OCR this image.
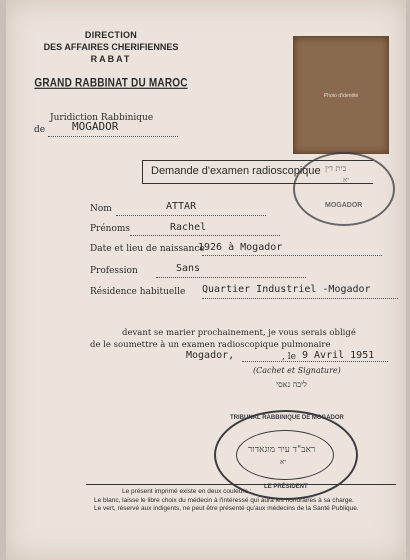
DIRECTION
DES AFFAIRES CHERIFIENNES
RABAT
GRAND RABBINAT DU MAROC
Juridiction Rabbinique
de MOGADOR
Photo d'identité
בית דין
יא
MOGADOR
Demande d'examen radioscopique
Nom	ATTAR
Prénoms	Rachel
Date et lieu de naissance
1926 à Mogador
Profession	Sans
Résidence habituelle Quartier Industriel -Mogador
devant se marier prochainement, je vous serais obligé
de le soumettre à un examen radioscopique pulmonaire
Mogador,	, le 9 Avril 1951
(Cachet et Signature)
ליבה נאסי
TRIBUNAL RABBINIQUE DE MOGADOR
ראב"ד עיר מוגאדור
יא
LE PRÉSIDENT
Le présent imprimé existe en deux couleurs :
Le blanc, laisse le libre choix du médecin à l'intéressé qui aura les honoraires à sa charge.
Le vert, réservé aux indigents, ne peut être présenté qu'aux médecins de la Santé Publique.
